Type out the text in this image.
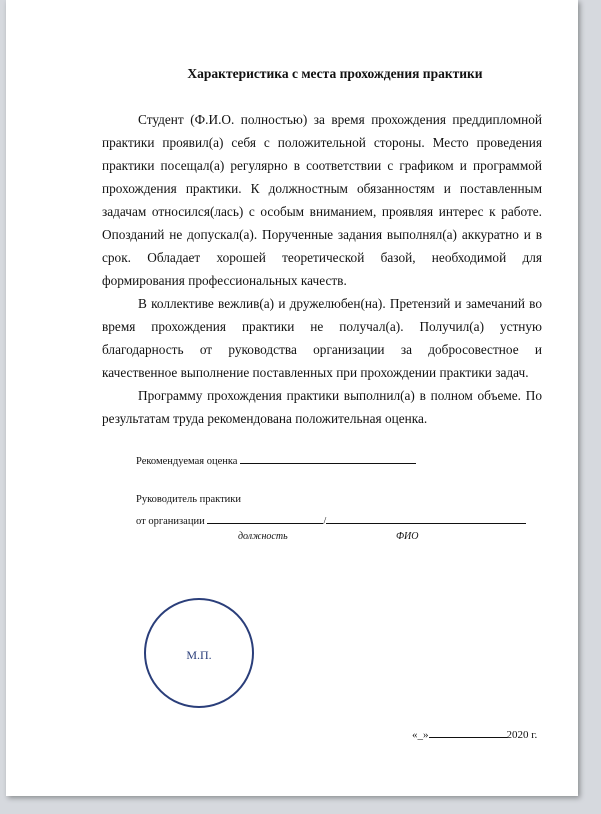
Характеристика с места прохождения практики

Студент (Ф.И.О. полностью) за время прохождения преддипломной практики проявил(а) себя с положительной стороны. Место проведения практики посещал(а) регулярно в соответствии с графиком и программой прохождения практики. К должностным обязанностям и поставленным задачам относился(лась) с особым вниманием, проявляя интерес к работе. Опозданий не допускал(а). Порученные задания выполнял(а) аккуратно и в срок. Обладает хорошей теоретической базой, необходимой для формирования профессиональных качеств.

В коллективе вежлив(а) и дружелюбен(на). Претензий и замечаний во время прохождения практики не получал(а). Получил(а) устную благодарность от руководства организации за добросовестное и качественное выполнение поставленных при прохождении практики задач.

Программу прохождения практики выполнил(а) в полном объеме. По результатам труда рекомендована положительная оценка.

Рекомендуемая оценка
Руководитель практики
от организации	/
должность	ФИО
М.П.
«_»	2020 г.
